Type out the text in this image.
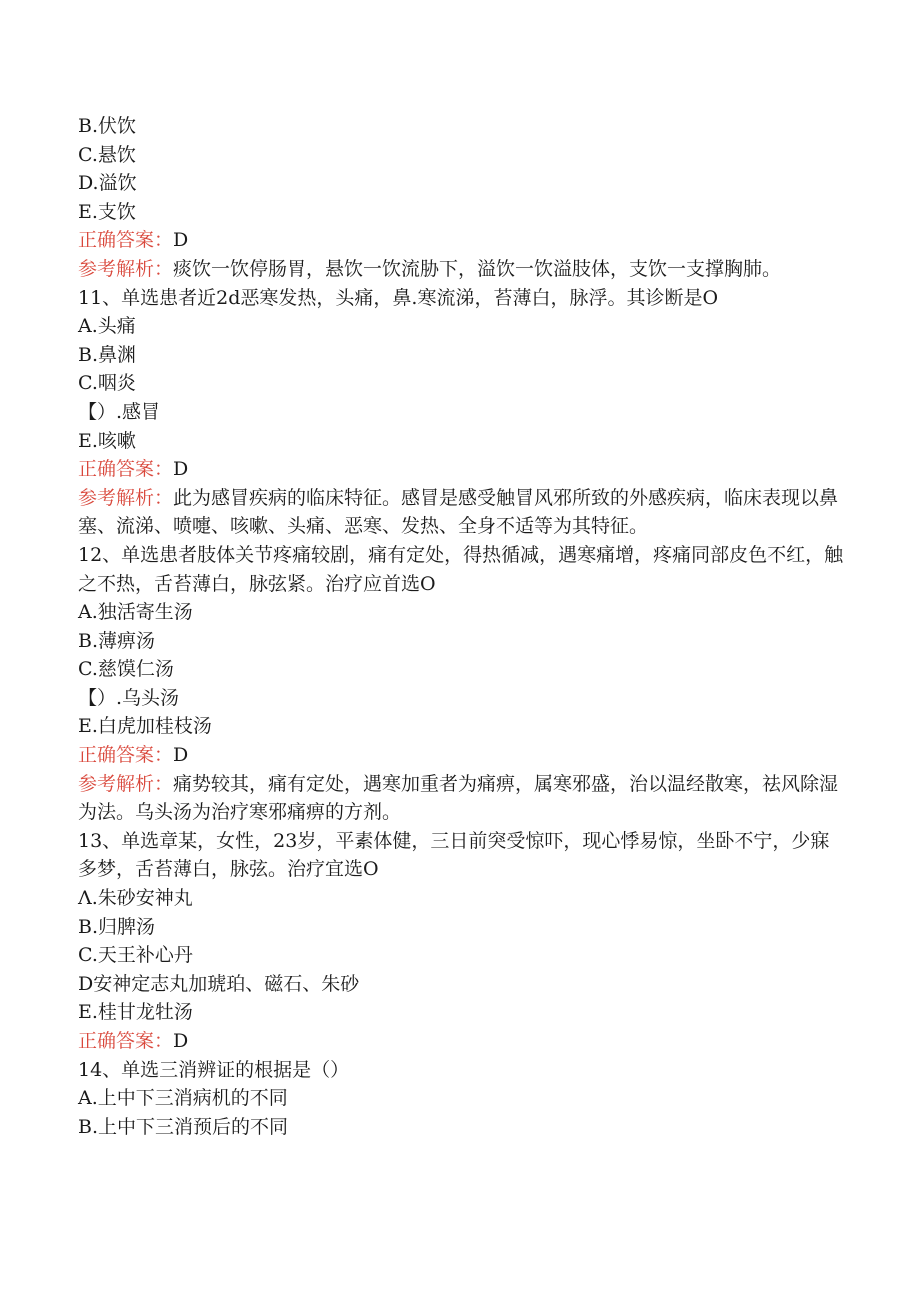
B.伏饮
C.悬饮
D.溢饮
E.支饮
正确答案：D
参考解析：痰饮一饮停肠胃，悬饮一饮流胁下，溢饮一饮溢肢体，支饮一支撑胸肺。
11、单选患者近2d恶寒发热，头痛，鼻.寒流涕，苔薄白，脉浮。其诊断是O
A.头痛
B.鼻渊
C.咽炎
【）.感冒
E.咳嗽
正确答案：D
参考解析：此为感冒疾病的临床特征。感冒是感受触冒风邪所致的外感疾病，临床表现以鼻塞、流涕、喷嚏、咳嗽、头痛、恶寒、发热、全身不适等为其特征。
12、单选患者肢体关节疼痛较剧，痛有定处，得热循减，遇寒痛增，疼痛同部皮色不红，触之不热，舌苔薄白，脉弦紧。治疗应首选O
A.独活寄生汤
B.薄痹汤
C.慈馍仁汤
【）.乌头汤
E.白虎加桂枝汤
正确答案：D
参考解析：痛势较其，痛有定处，遇寒加重者为痛痹，属寒邪盛，治以温经散寒，祛风除湿为法。乌头汤为治疗寒邪痛痹的方剂。
13、单选章某，女性，23岁，平素体健，三日前突受惊吓，现心悸易惊，坐卧不宁，少寐多梦，舌苔薄白，脉弦。治疗宜选O
Λ.朱砂安神丸
B.归脾汤
C.天王补心丹
D安神定志丸加琥珀、磁石、朱砂
E.桂甘龙牡汤
正确答案：D
14、单选三消辨证的根据是（）
A.上中下三消病机的不同
B.上中下三消预后的不同
